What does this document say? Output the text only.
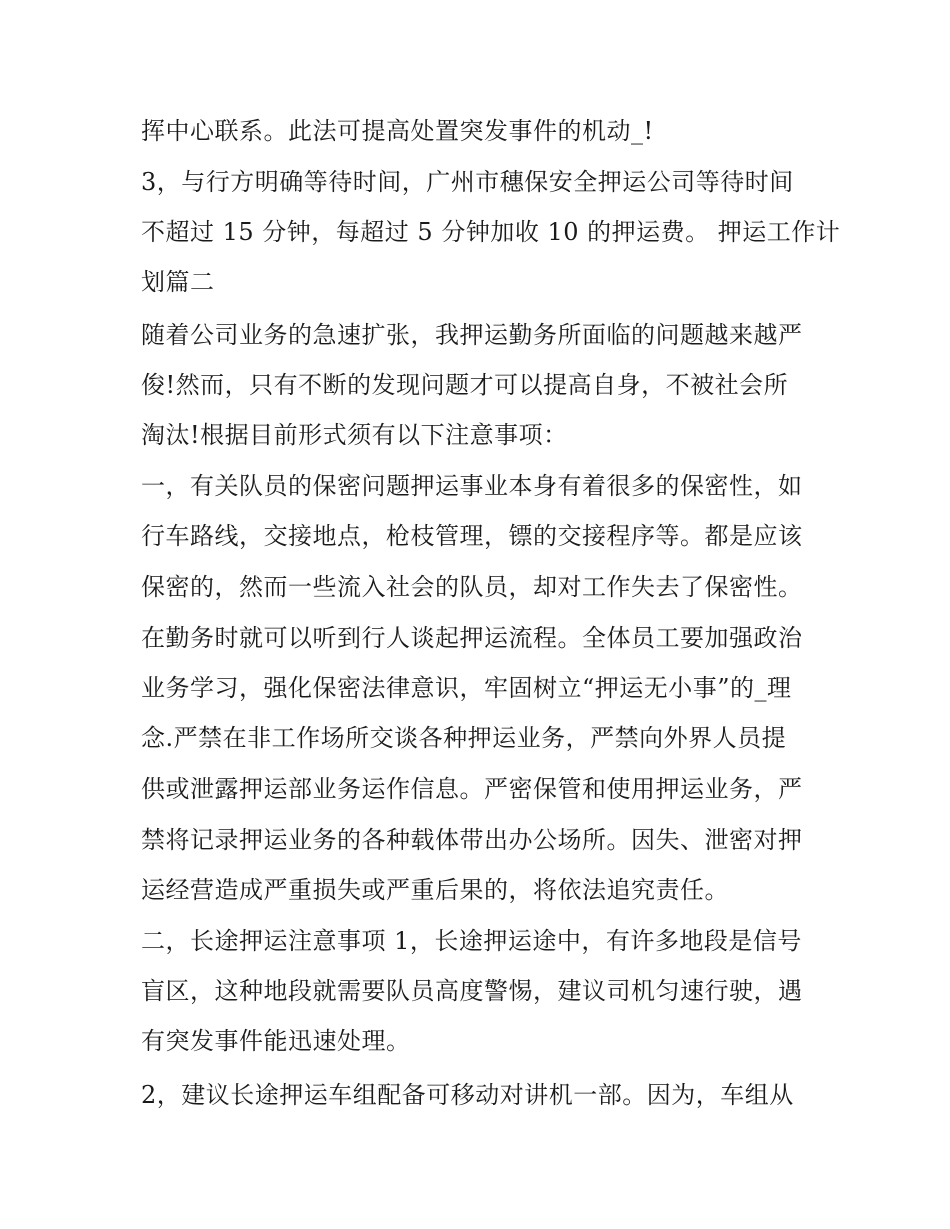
挥中心联系。此法可提高处置突发事件的机动_!
3，与行方明确等待时间，广州市穗保安全押运公司等待时间
不超过 15 分钟，每超过 5 分钟加收 10 的押运费。 押运工作计
划篇二
随着公司业务的急速扩张，我押运勤务所面临的问题越来越严
俊!然而，只有不断的发现问题才可以提高自身，不被社会所
淘汰!根据目前形式须有以下注意事项：
一，有关队员的保密问题押运事业本身有着很多的保密性，如
行车路线，交接地点，枪枝管理，镖的交接程序等。都是应该
保密的，然而一些流入社会的队员，却对工作失去了保密性。
在勤务时就可以听到行人谈起押运流程。全体员工要加强政治
业务学习，强化保密法律意识，牢固树立“押运无小事”的_理
念.严禁在非工作场所交谈各种押运业务，严禁向外界人员提
供或泄露押运部业务运作信息。严密保管和使用押运业务，严
禁将记录押运业务的各种载体带出办公场所。因失、泄密对押
运经营造成严重损失或严重后果的，将依法追究责任。
二，长途押运注意事项 1，长途押运途中，有许多地段是信号
盲区，这种地段就需要队员高度警惕，建议司机匀速行驶，遇
有突发事件能迅速处理。
2，建议长途押运车组配备可移动对讲机一部。因为，车组从
